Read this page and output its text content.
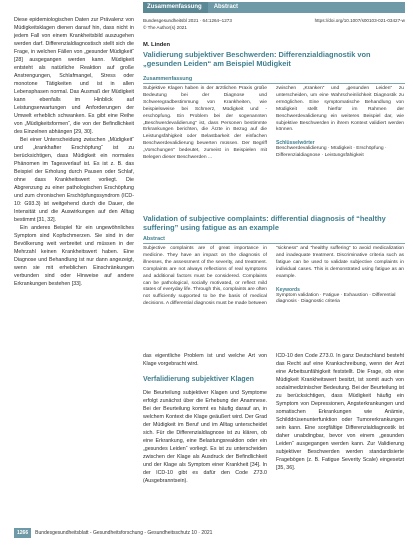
Diese epidemiologischen Daten zur Prävalenz von Müdigkeitsklagen dienen darauf hin, dass nicht in jedem Fall von einem Krankheitsbild auszugehen werden darf. Differenzialdiagnostisch stellt sich die Frage, in welchen Fällen von „gesunder Müdigkeit“ [28] ausgegangen werden kann. Müdigkeit entsteht als natürliche Reaktion auf große Anstrengungen, Schlafmangel, Stress oder monotone Tätigkeiten und ist in allen Lebensphasen normal. Das Ausmaß der Müdigkeit kann ebenfalls im Hinblick auf Leistungserwartungen und Anforderungen der Umwelt erheblich schwanken. Es gibt eine Reihe von „Müdigkeitsformen“, die von der Befindlichkeit des Einzelnen abhängen [29, 30].

Bei einer Unterscheidung zwischen „Müdigkeit“ und „krankhafter Erschöpfung“ ist zu berücksichtigen, dass Müdigkeit ein normales Phänomen im Tagesverlauf ist. Es ist z. B. das Beispiel der Erholung durch Pausen oder Schlaf, ohne dass Krankheitswert vorliegt. Die Abgrenzung zu einer pathologischen Erschöpfung und zum chronischen Erschöpfungssyndrom (ICD-10: G93.3) ist weitgehend durch die Dauer, die Intensität und die Auswirkungen auf den Alltag bestimmt [31, 32].

Ein anderes Beispiel für ein ungewöhnliches Symptom sind Kopfschmerzen. Sie sind in der Bevölkerung weit verbreitet und müssen in der Mehrzahl keinen Krankheitswert haben. Eine Diagnose und Behandlung ist nur dann angezeigt, wenn sie mit erheblichen Einschränkungen verbunden sind oder Hinweise auf andere Erkrankungen bestehen [33].

Zusammenfassung	Abstract
Bundesgesundheitsbl 2021 · 64:1264–1273	https://doi.org/10.1007/s00103-021-03427-w
© The Author(s) 2021
M. Linden
Validierung subjektiver Beschwerden: Differenzialdiagnostik von „gesunden Leiden“ am Beispiel Müdigkeit
Zusammenfassung

Subjektive Klagen haben in der ärztlichen Praxis große Bedeutung bei der Diagnose und Schweregradbestimmung von Krankheiten, wie beispielsweise bei Schmerz, Müdigkeit und -erschöpfung. Ein Problem bei der sogenannten „Beschwerdevalidierung“ ist, dass Personen bestimmte Erkrankungen berichten, die Ärzte in Bezug auf die Leistungsfähigkeit oder Belastbarkeit der einfachen Beschwerdevalidierung bewerten müssen. Der Begriff „Vorschungen“ bedeutet, zumeist in Beispielen mit Belegen dieser Beschwerden ...

zwischen „Kranken“ und „gesunden Leiden“ zu unterscheiden, um eine Wahrscheinlichkeit Diagnostik zu ermöglichen. Eine symptomatische Behandlung von Müdigkeit stellt hierfür im Rahmen der Beschwerdevalidierung ein weiteres Beispiel dar, wie subjektive Beschwerden in ihrem Kontext validiert werden können.

Schlüsselwörter

Beschwerdevalidierung · Müdigkeit · Erschöpfung · Differenzialdiagnose · Leistungsfähigkeit

Validation of subjective complaints: differential diagnosis of “healthy suffering” using fatigue as an example
Abstract

Subjective complaints are of great importance in medicine. They have an impact on the diagnosis of illnesses, the assessment of the severity, and treatment. Complaints are not always reflections of real symptoms and additional factors must be considered. Complaints can be pathological, socially motivated, or reflect mild states of everyday life. Through this, complaints are often not sufficiently supported to be the basis of medical decisions. A differential diagnosis must be made between

“sickness” and “healthy suffering” to avoid medicalization and inadequate treatment. Discriminative criteria such as fatigue can be used to validate subjective complaints in individual cases. This is demonstrated using fatigue as an example.

Keywords

Symptom validation · Fatigue · Exhaustion · Differential diagnosis · Diagnostic criteria

das eigentliche Problem ist und welche Art von Klage vorgebracht wird.

Verfalidierung subjektiver Klagen

Die Beurteilung subjektiver Klagen und Symptome erfolgt zunächst über die Erhebung der Anamnese. Bei der Beurteilung kommt es häufig darauf an, in welchem Kontext die Klage geäußert wird. Der Grad der Müdigkeit im Beruf und im Alltag unterscheidet sich. Für die Differenzialdiagnose ist zu klären, ob eine Erkrankung, eine Belastungsreaktion oder ein „gesundes Leiden“ vorliegt. Es ist zu unterscheiden zwischen der Klage als Ausdruck der Befindlichkeit und der Klage als Symptom einer Krankheit [34]. In der ICD-10 gibt es dafür den Code Z73.0 (Ausgebranntsein).

ICD-10 den Code Z73.0. In ganz Deutschland besteht das Recht auf eine Krankschreibung, wenn der Arzt eine Arbeitsunfähigkeit feststellt. Die Frage, ob eine Müdigkeit Krankheitswert besitzt, ist somit auch von sozialmedizinischer Bedeutung. Bei der Beurteilung ist zu berücksichtigen, dass Müdigkeit häufig ein Symptom von Depressionen, Angsterkrankungen und somatischen Erkrankungen wie Anämie, Schilddrüsenunterfunktion oder Tumorerkrankungen sein kann. Eine sorgfältige Differenzialdiagnostik ist daher unabdingbar, bevor von einem „gesunden Leiden“ ausgegangen werden kann. Zur Validierung subjektiver Beschwerden werden standardisierte Fragebögen (z. B. Fatigue Severity Scale) eingesetzt [35, 36].

1266	Bundesgesundheitsblatt - Gesundheitsforschung - Gesundheitsschutz 10 · 2021
